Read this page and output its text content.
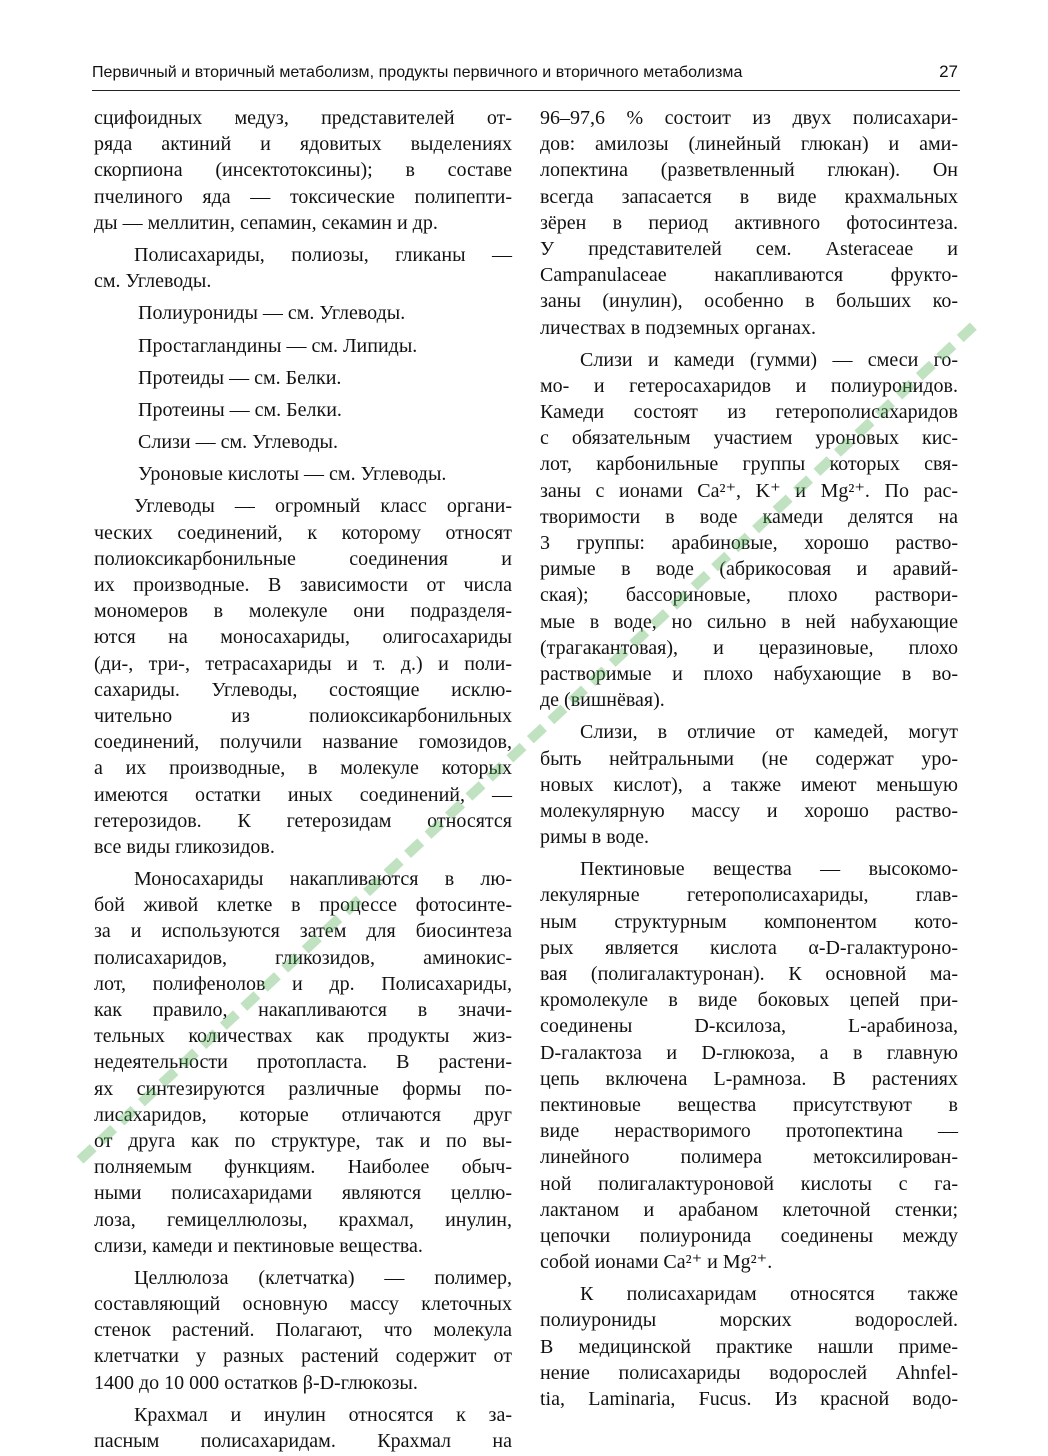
Первичный и вторичный метаболизм, продукты первичного и вторичного метаболизма	27
сцифоидных медуз, представителей от-
ряда актиний и ядовитых выделениях
скорпиона (инсектотоксины); в составе
пчелиного яда — токсические полипепти-
ды — меллитин, сепамин, секамин и др.
Полисахариды, полиозы, гликаны —
см. Углеводы.
Полиурониды — см. Углеводы.
Простагландины — см. Липиды.
Протеиды — см. Белки.
Протеины — см. Белки.
Слизи — см. Углеводы.
Уроновые кислоты — см. Углеводы.
Углеводы — огромный класс органи-
ческих соединений, к которому относят
полиоксикарбонильные соединения и
их производные. В зависимости от числа
мономеров в молекуле они подразделя-
ются на моносахариды, олигосахариды
(ди-, три-, тетрасахариды и т. д.) и поли-
сахариды. Углеводы, состоящие исклю-
чительно из полиоксикарбонильных
соединений, получили название гомозидов,
а их производные, в молекуле которых
имеются остатки иных соединений, —
гетерозидов. К гетерозидам относятся
все виды гликозидов.
Моносахариды накапливаются в лю-
бой живой клетке в процессе фотосинте-
за и используются затем для биосинтеза
полисахаридов, гликозидов, аминокис-
лот, полифенолов и др. Полисахариды,
как правило, накапливаются в значи-
тельных количествах как продукты жиз-
недеятельности протопласта. В растени-
ях синтезируются различные формы по-
лисахаридов, которые отличаются друг
от друга как по структуре, так и по вы-
полняемым функциям. Наиболее обыч-
ными полисахаридами являются целлю-
лоза, гемицеллюлозы, крахмал, инулин,
слизи, камеди и пектиновые вещества.
Целлюлоза (клетчатка) — полимер,
составляющий основную массу клеточных
стенок растений. Полагают, что молекула
клетчатки у разных растений содержит от
1400 до 10 000 остатков β-D-глюкозы.
Крахмал и инулин относятся к за-
пасным полисахаридам. Крахмал на
96–97,6 % состоит из двух полисахари-
дов: амилозы (линейный глюкан) и ами-
лопектина (разветвленный глюкан). Он
всегда запасается в виде крахмальных
зёрен в период активного фотосинтеза.
У представителей сем. Asteraceae и
Campanulaceae накапливаются фрукто-
заны (инулин), особенно в больших ко-
личествах в подземных органах.
Слизи и камеди (гумми) — смеси го-
мо- и гетеросахаридов и полиуронидов.
Камеди состоят из гетерополисахаридов
с обязательным участием уроновых кис-
лот, карбонильные группы которых свя-
заны с ионами Ca²⁺, K⁺ и Mg²⁺. По рас-
творимости в воде камеди делятся на
3 группы: арабиновые, хорошо раство-
римые в воде (абрикосовая и аравий-
ская); бассориновые, плохо раствори-
мые в воде, но сильно в ней набухающие
(трагакантовая), и церазиновые, плохо
растворимые и плохо набухающие в во-
де (вишнёвая).
Слизи, в отличие от камедей, могут
быть нейтральными (не содержат уро-
новых кислот), а также имеют меньшую
молекулярную массу и хорошо раство-
римы в воде.
Пектиновые вещества — высокомо-
лекулярные гетерополисахариды, глав-
ным структурным компонентом кото-
рых является кислота α-D-галактуроно-
вая (полигалактуронан). К основной ма-
кромолекуле в виде боковых цепей при-
соединены D-ксилоза, L-арабиноза,
D-галактоза и D-глюкоза, а в главную
цепь включена L-рамноза. В растениях
пектиновые вещества присутствуют в
виде нерастворимого протопектина —
линейного полимера метоксилирован-
ной полигалактуроновой кислоты с га-
лактаном и арабаном клеточной стенки;
цепочки полиуронида соединены между
собой ионами Ca²⁺ и Mg²⁺.
К полисахаридам относятся также
полиурониды морских водорослей.
В медицинской практике нашли приме-
нение полисахариды водорослей Ahnfel-
tia, Laminaria, Fucus. Из красной водо-
